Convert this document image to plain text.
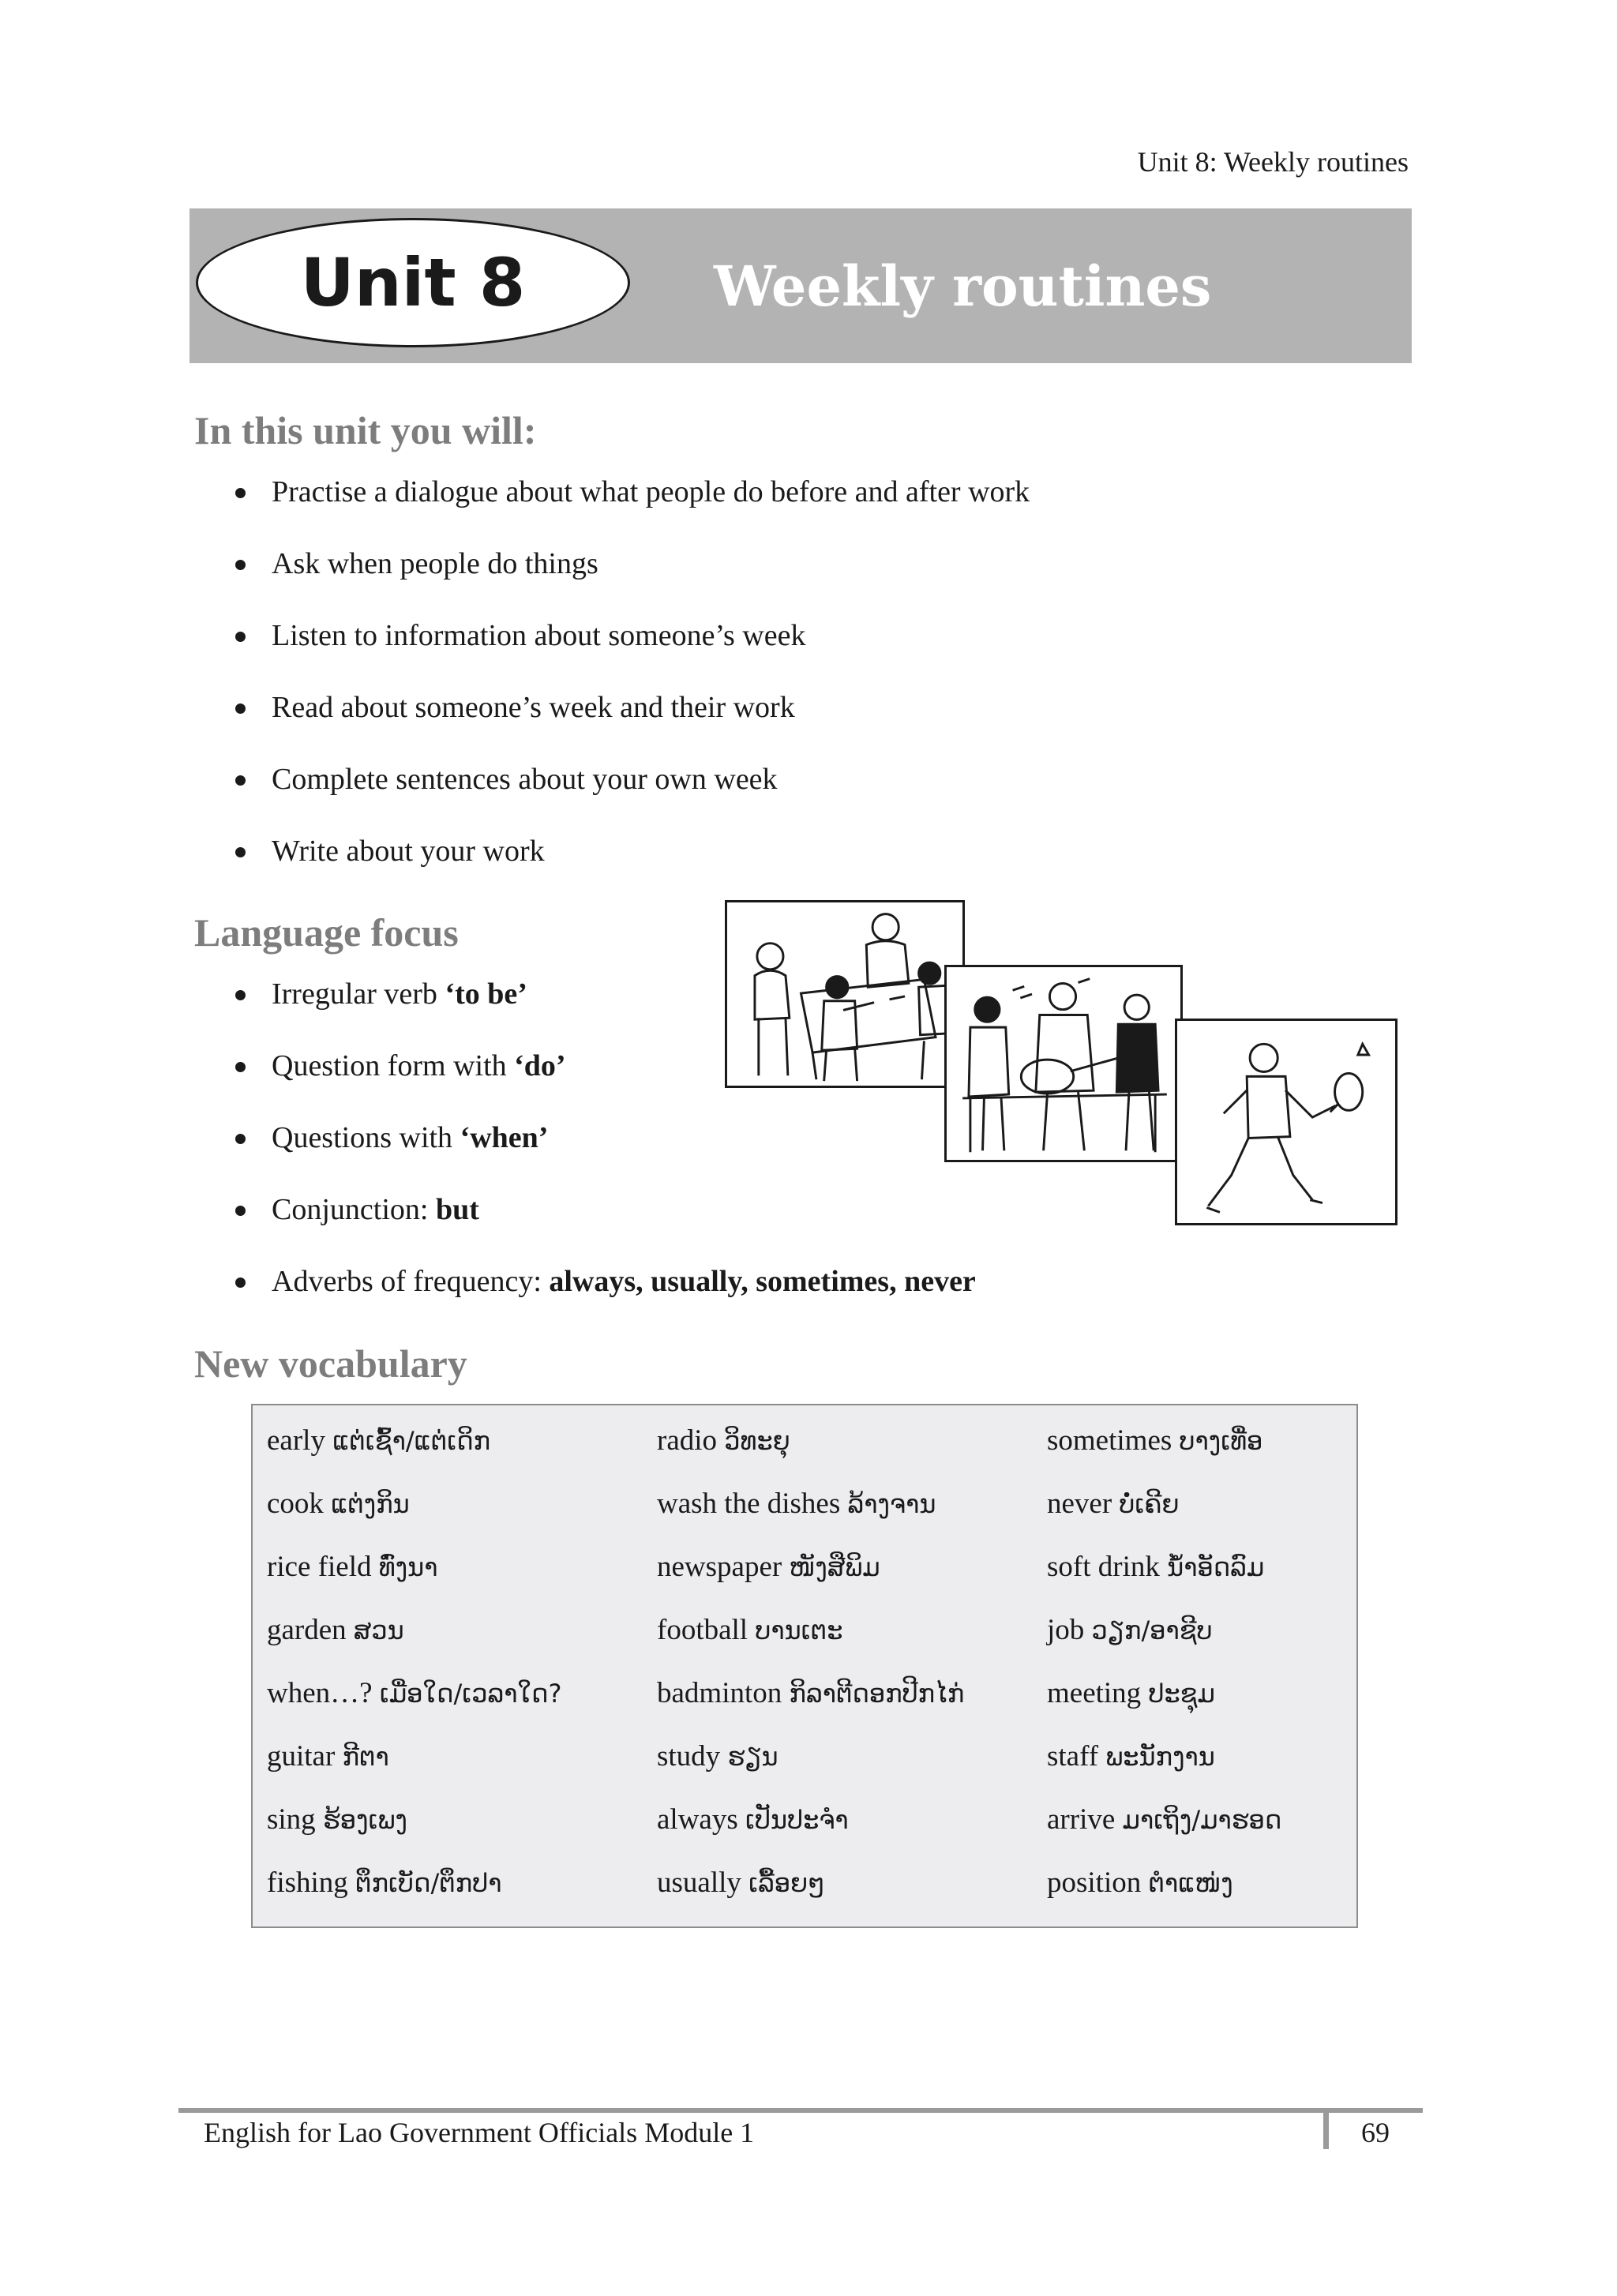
Unit 8: Weekly routines
Unit 8	Weekly routines
In this unit you will:
Practise a dialogue about what people do before and after work
Ask when people do things
Listen to information about someone’s week
Read about someone’s week and their work
Complete sentences about your own week
Write about your work
Language focus
Irregular verb ‘to be’
Question form with ‘do’
Questions with ‘when’
Conjunction: but
Adverbs of frequency: always, usually, sometimes, never
New vocabulary
early ແຕ່ເຊົ້າ/ແຕ່ເດິກ	radio ວິທະຍຸ	sometimes ບາງເທື່ອ
cook ແຕ່ງກິນ	wash the dishes ລ້າງຈານ	never ບໍ່ເຄີຍ
rice field ທົ່ງນາ	newspaper ໜັງສືພິມ	soft drink ນ້ຳອັດລົມ
garden ສວນ	football ບານເຕະ	job ວຽກ/ອາຊີບ
when…? ເມື່ອໃດ/ເວລາໃດ?	badminton ກິລາຕີດອກປີກໄກ່	meeting ປະຊຸມ
guitar ກີຕາ	study ຮຽນ	staff ພະນັກງານ
sing ຮ້ອງເພງ	always ເປັນປະຈຳ	arrive ມາເຖິງ/ມາຮອດ
fishing ຕຶກເບັດ/ຕຶກປາ	usually ເລື້ອຍໆ	position ຕຳແໜ່ງ
English for Lao Government Officials Module 1	69
